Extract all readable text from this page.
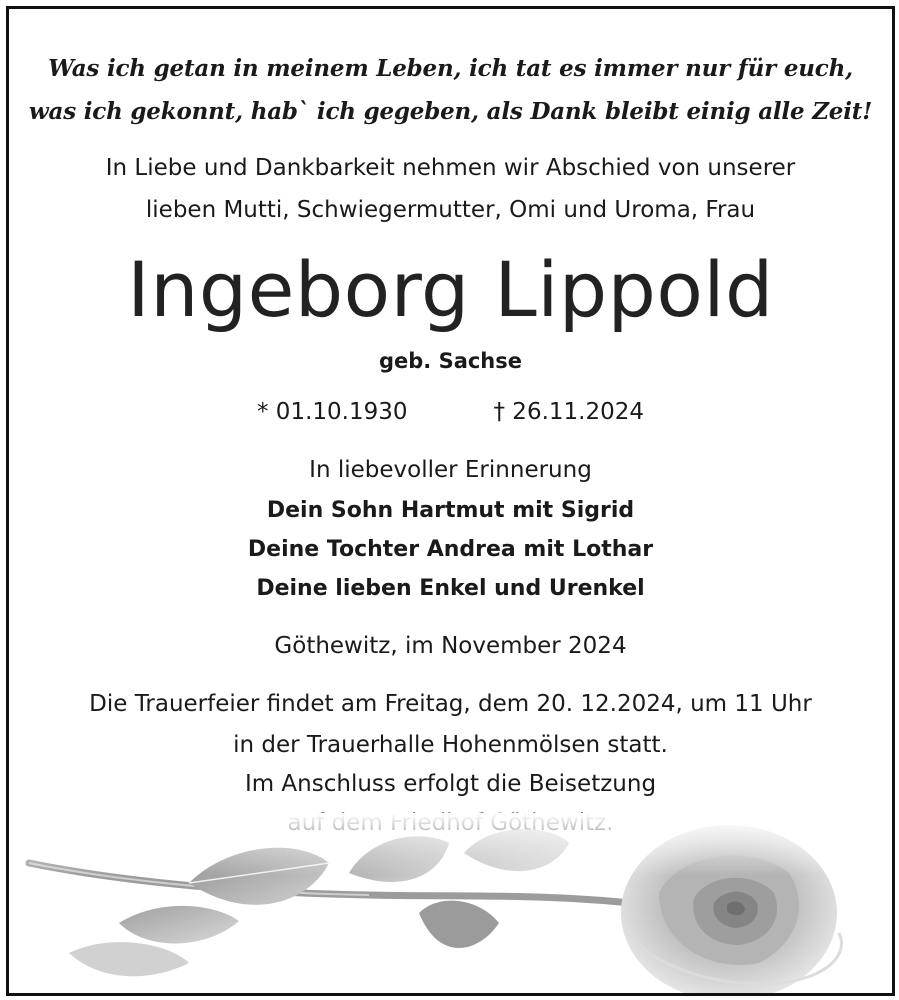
Was ich getan in meinem Leben, ich tat es immer nur für euch,
was ich gekonnt, hab` ich gegeben, als Dank bleibt einig alle Zeit!
In Liebe und Dankbarkeit nehmen wir Abschied von unserer
lieben Mutti, Schwiegermutter, Omi und Uroma, Frau
Ingeborg Lippold
geb. Sachse
* 01.10.1930	† 26.11.2024
In liebevoller Erinnerung
Dein Sohn Hartmut mit Sigrid
Deine Tochter Andrea mit Lothar
Deine lieben Enkel und Urenkel
Göthewitz, im November 2024
Die Trauerfeier findet am Freitag, dem 20. 12.2024, um 11 Uhr
in der Trauerhalle Hohenmölsen statt.
Im Anschluss erfolgt die Beisetzung
